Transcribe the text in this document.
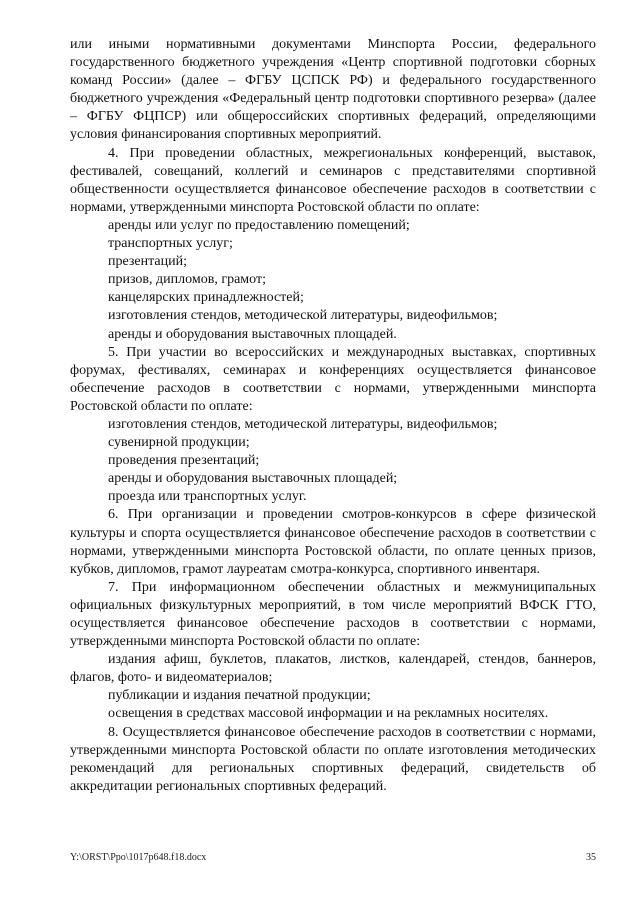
или иными нормативными документами Минспорта России, федерального государственного бюджетного учреждения «Центр спортивной подготовки сборных команд России» (далее – ФГБУ ЦСПСК РФ) и федерального государственного бюджетного учреждения «Федеральный центр подготовки спортивного резерва» (далее – ФГБУ ФЦПСР) или общероссийских спортивных федераций, определяющими условия финансирования спортивных мероприятий.

4. При проведении областных, межрегиональных конференций, выставок, фестивалей, совещаний, коллегий и семинаров с представителями спортивной общественности осуществляется финансовое обеспечение расходов в соответствии с нормами, утвержденными минспорта Ростовской области по оплате:

аренды или услуг по предоставлению помещений;

транспортных услуг;

презентаций;

призов, дипломов, грамот;

канцелярских принадлежностей;

изготовления стендов, методической литературы, видеофильмов;

аренды и оборудования выставочных площадей.

5. При участии во всероссийских и международных выставках, спортивных форумах, фестивалях, семинарах и конференциях осуществляется финансовое обеспечение расходов в соответствии с нормами, утвержденными минспорта Ростовской области по оплате:

изготовления стендов, методической литературы, видеофильмов;

сувенирной продукции;

проведения презентаций;

аренды и оборудования выставочных площадей;

проезда или транспортных услуг.

6. При организации и проведении смотров-конкурсов в сфере физической культуры и спорта осуществляется финансовое обеспечение расходов в соответствии с нормами, утвержденными минспорта Ростовской области, по оплате ценных призов, кубков, дипломов, грамот лауреатам смотра-конкурса, спортивного инвентаря.

7. При информационном обеспечении областных и межмуниципальных официальных физкультурных мероприятий, в том числе мероприятий ВФСК ГТО, осуществляется финансовое обеспечение расходов в соответствии с нормами, утвержденными минспорта Ростовской области по оплате:

издания афиш, буклетов, плакатов, листков, календарей, стендов, баннеров, флагов, фото- и видеоматериалов;

публикации и издания печатной продукции;

освещения в средствах массовой информации и на рекламных носителях.

8. Осуществляется финансовое обеспечение расходов в соответствии с нормами, утвержденными минспорта Ростовской области по оплате изготовления методических рекомендаций для региональных спортивных федераций, свидетельств об аккредитации региональных спортивных федераций.

Y:\ORST\Ppo\1017p648.f18.docx	35
